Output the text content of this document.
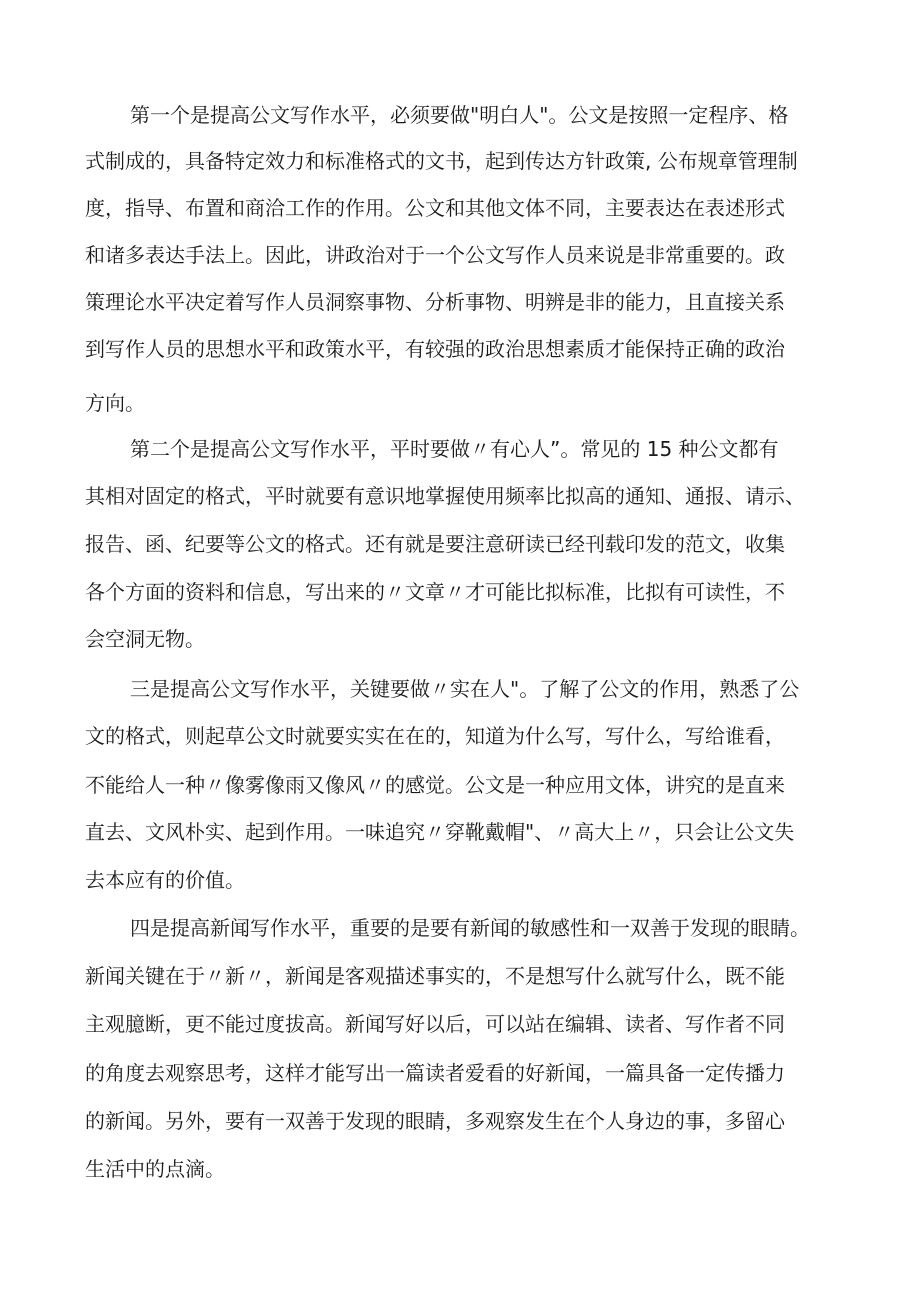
第一个是提高公文写作水平，必须要做"明白人"。公文是按照一定程序、格
式制成的，具备特定效力和标准格式的文书，起到传达方针政策, 公布规章管理制
度，指导、布置和商洽工作的作用。公文和其他文体不同，主要表达在表述形式
和诸多表达手法上。因此，讲政治对于一个公文写作人员来说是非常重要的。政
策理论水平决定着写作人员洞察事物、分析事物、明辨是非的能力，且直接关系
到写作人员的思想水平和政策水平，有较强的政治思想素质才能保持正确的政治
方向。
第二个是提高公文写作水平，平时要做〃有心人”。常见的 15 种公文都有
其相对固定的格式，平时就要有意识地掌握使用频率比拟高的通知、通报、请示、
报告、函、纪要等公文的格式。还有就是要注意研读已经刊载印发的范文，收集
各个方面的资料和信息，写出来的〃文章〃才可能比拟标准，比拟有可读性，不
会空洞无物。
三是提高公文写作水平，关键要做〃实在人"。了解了公文的作用，熟悉了公
文的格式，则起草公文时就要实实在在的，知道为什么写，写什么，写给谁看，
不能给人一种〃像雾像雨又像风〃的感觉。公文是一种应用文体，讲究的是直来
直去、文风朴实、起到作用。一味追究〃穿靴戴帽"、〃高大上〃，只会让公文失
去本应有的价值。
四是提高新闻写作水平，重要的是要有新闻的敏感性和一双善于发现的眼睛。
新闻关键在于〃新〃，新闻是客观描述事实的，不是想写什么就写什么，既不能
主观臆断，更不能过度拔高。新闻写好以后，可以站在编辑、读者、写作者不同
的角度去观察思考，这样才能写出一篇读者爱看的好新闻，一篇具备一定传播力
的新闻。另外，要有一双善于发现的眼睛，多观察发生在个人身边的事，多留心
生活中的点滴。
